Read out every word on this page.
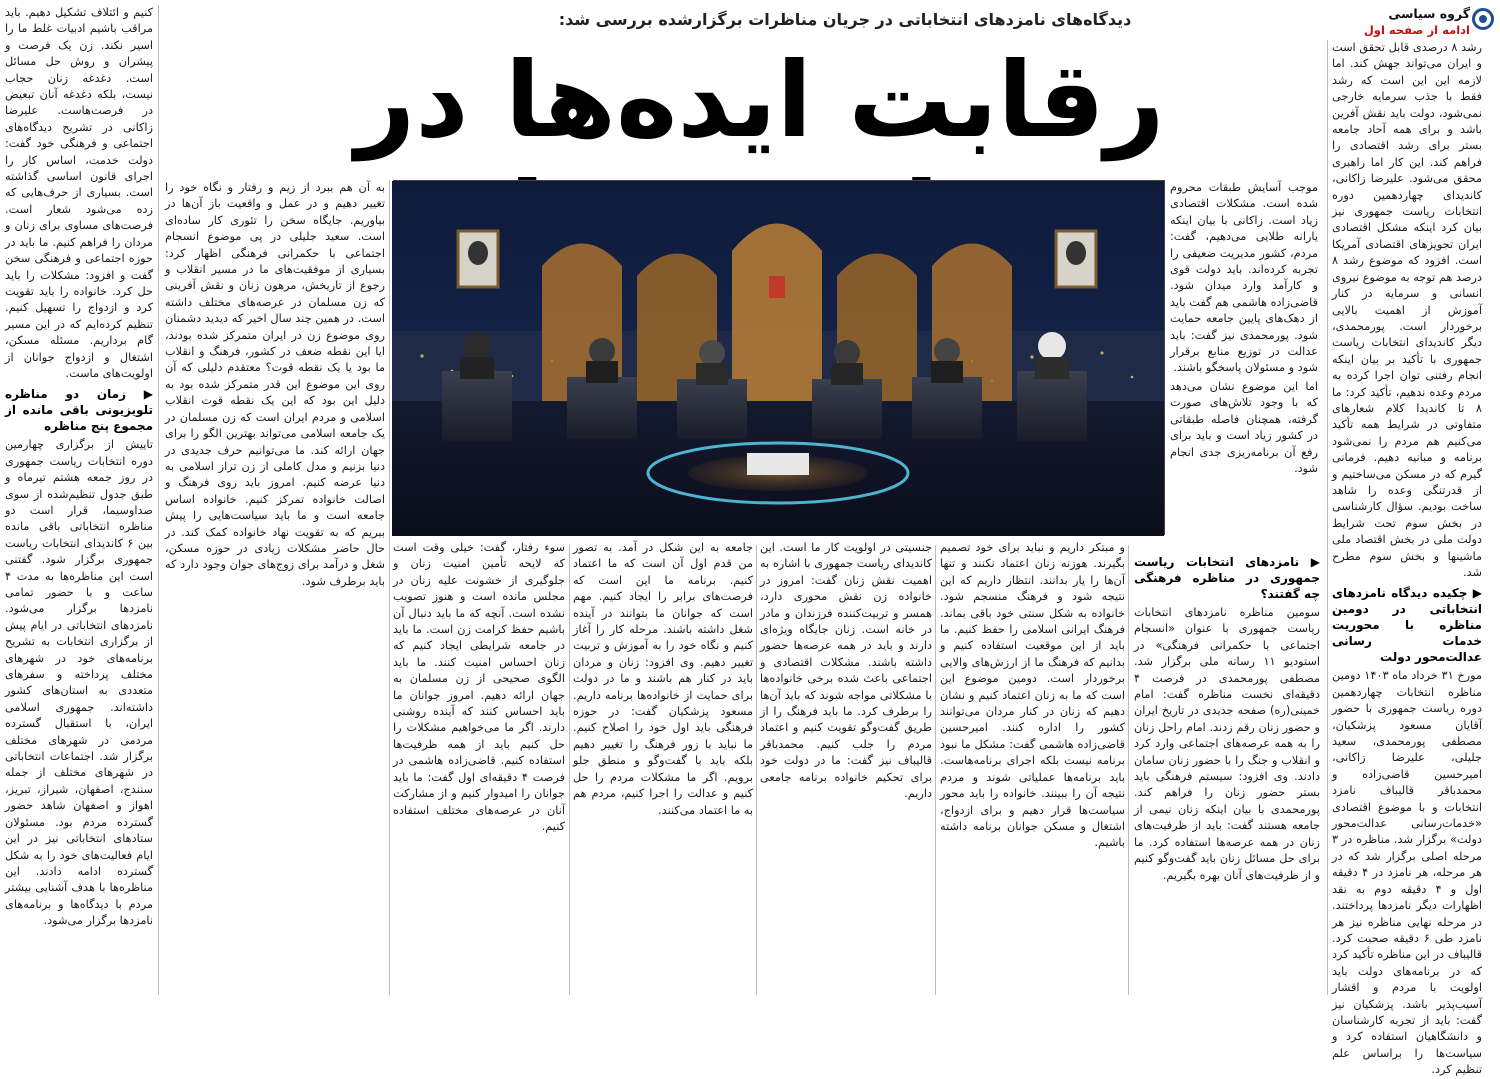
گروه سیاسی
ادامه از صفحه اول
دیدگاه‌های نامزدهای انتخاباتی در جریان مناظرات برگزارشده بررسی شد:
رقابت ایده‌ها در	رشد ۸ درصدی قابل تحقق است و ایران می‌تواند جهش کند. اما لازمه این این است که رشد فقط با جذب سرمایه خارجی نمی‌شود، دولت باید نقش آفرین باشد و برای همه آحاد جامعه بستر برای رشد اقتصادی را فراهم کند. این کار اما راهبری محقق می‌شود. علیرضا زاکانی، کاندیدای چهاردهمین دوره انتخابات ریاست جمهوری نیز بیان کرد اینکه مشکل اقتصادی ایران تجویزهای اقتصادی آمریکا است. افزود که موضوع رشد ۸ درصد هم توجه به موضوع نیروی انسانی و سرمایه در کنار آموزش از اهمیت بالایی برخوردار است. پورمحمدی، دیگر کاندیدای انتخابات ریاست جمهوری با تأکید بر بیان اینکه انجام رفتنی توان اجرا کرده به مردم وعده ندهیم، تأکید کرد: ما ۸ تا کاندیدا کلام شعارهای متفاوتی در شرایط همه تأکید می‌کنیم هم مردم را نمی‌شود برنامه و مبانیه دهیم. فرمانی گیرم که در مسکن می‌ساختیم و از قدرتنگی وعده را شاهد ساخت بودیم. سؤال کارشناسی در بخش سوم تحت شرایط دولت ملی در بخش اقتصاد ملی ماشینها و بخش سوم مطرح شد.

▶ چکیده دیدگاه نامزدهای انتخاباتی در دومین مناظره با محوریت خدمات رسانی عدالت‌محور دولت

مورخ ۳۱ خرداد ماه ۱۴۰۳ دومین مناظره انتخابات چهاردهمین دوره ریاست جمهوری با حضور آقایان مسعود پزشکیان، مصطفی پورمحمدی، سعید جلیلی، علیرضا زاکانی، امیرحسین قاضی‌زاده و محمدباقر قالیباف نامزد انتخابات و با موضوع اقتصادی «خدمات‌رسانی عدالت‌محور دولت» برگزار شد. مناظره در ۳ مرحله اصلی برگزار شد که در هر مرحله، هر نامزد در ۴ دقیقه اول و ۴ دقیقه دوم به نقد اظهارات دیگر نامزدها پرداختند. در مرحله نهایی مناظره نیز هر نامزد طی ۶ دقیقه صحبت کرد. قالیباف در این مناظره تأکید کرد که در برنامه‌های دولت باید اولویت با مردم و اقشار آسیب‌پذیر باشد. پزشکیان نیز گفت: باید از تجربه کارشناسان و دانشگاهیان استفاده کرد و سیاست‌ها را براساس علم تنظیم کرد.

موجب آسایش طبقات محروم شده است. مشکلات اقتصادی زیاد است. زاکانی با بیان اینکه یارانه طلایی می‌دهیم، گفت: مردم، کشور مدیریت ضعیفی را تجربه کرده‌اند. باید دولت قوی و کارآمد وارد میدان شود. قاضی‌زاده هاشمی هم گفت باید از دهک‌های پایین جامعه حمایت شود. پورمحمدی نیز گفت: باید عدالت در توزیع منابع برقرار شود و مسئولان پاسخگو باشند.

اما این موضوع نشان می‌دهد که با وجود تلاش‌های صورت گرفته، همچنان فاصله طبقاتی در کشور زیاد است و باید برای رفع آن برنامه‌ریزی جدی انجام شود.

کنیم و ائتلاف تشکیل دهیم. باید مراقب باشیم ادبیات غلط ما را اسیر نکند. زن یک فرصت و پیشران و روش حل مسائل است. دغدغه زنان حجاب نیست، بلکه دغدغه آنان تبعیض در فرصت‌هاست. علیرضا زاکانی در تشریح دیدگاه‌های اجتماعی و فرهنگی خود گفت: دولت خدمت، اساس کار را اجرای قانون اساسی گذاشته است. بسیاری از حرف‌هایی که زده می‌شود شعار است. فرصت‌های مساوی برای زنان و مردان را فراهم کنیم. ما باید در حوزه اجتماعی و فرهنگی سخن گفت و افزود: مشکلات را باید حل کرد. خانواده را باید تقویت کرد و ازدواج را تسهیل کنیم. تنظیم کرده‌ایم که در این مسیر گام برداریم. مسئله مسکن، اشتغال و ازدواج جوانان از اولویت‌های ماست.

▶ زمان دو مناظره تلویزیونی باقی مانده از مجموع پنج مناظره

تاییش از برگزاری چهارمین دوره انتخابات ریاست جمهوری در روز جمعه هشتم تیرماه و طبق جدول تنظیم‌شده از سوی صداوسیما، قرار است دو مناظره انتخاباتی باقی مانده بین ۶ کاندیدای انتخابات ریاست جمهوری برگزار شود. گفتنی است این مناظره‌ها به مدت ۴ ساعت و با حضور تمامی نامزدها برگزار می‌شود. نامزدهای انتخاباتی در ایام پیش از برگزاری انتخابات به تشریح برنامه‌های خود در شهرهای مختلف پرداخته و سفرهای متعددی به استان‌های کشور داشته‌اند. جمهوری اسلامی ایران، با استقبال گسترده مردمی در شهرهای مختلف برگزار شد. اجتماعات انتخاباتی در شهرهای مختلف از جمله سنندج، اصفهان، شیراز، تبریز، اهواز و اصفهان شاهد حضور گسترده مردم بود. مسئولان ستادهای انتخاباتی نیز در این ایام فعالیت‌های خود را به شکل گسترده ادامه دادند. این مناظره‌ها با هدف آشنایی بیشتر مردم با دیدگاه‌ها و برنامه‌های نامزدها برگزار می‌شود.

به آن هم ببرد از زیم و رفتار و نگاه خود را تغییر دهیم و در عمل و واقعیت باز آن‌ها در بیاوریم. جایگاه سخن را تئوری کار ساده‌ای است. سعید جلیلی در پی موضوع انسجام اجتماعی با حکمرانی فرهنگی اظهار کرد: بسیاری از موفقیت‌های ما در مسیر انقلاب و رجوع از تاریخش، مرهون زنان و نقش آفرینی که زن مسلمان در عرصه‌های مختلف داشته است. در همین چند سال اخیر که دیدید دشمنان روی موضوع زن در ایران متمرکز شده بودند، ایا این نقطه ضعف در کشور، فرهنگ و انقلاب ما بود یا یک نقطه قوت؟ معتقدم دلیلی که آن روی این موضوع این قدر متمرکز شده بود به دلیل این بود که این یک نقطه قوت انقلاب اسلامی و مردم ایران است که زن مسلمان در یک جامعه اسلامی می‌تواند بهترین الگو را برای جهان ارائه کند. ما می‌توانیم حرف جدیدی در دنیا بزنیم و مدل کاملی از زن تراز اسلامی به دنیا عرضه کنیم. امروز باید روی فرهنگ و اصالت خانواده تمرکز کنیم. خانواده اساس جامعه است و ما باید سیاست‌هایی را پیش ببریم که به تقویت نهاد خانواده کمک کند. در حال حاضر مشکلات زیادی در حوزه مسکن، شغل و درآمد برای زوج‌های جوان وجود دارد که باید برطرف شود.

▶ نامزدهای انتخابات ریاست جمهوری در مناظره فرهنگی چه گفتند؟

سومین مناظره نامزدهای انتخابات ریاست جمهوری با عنوان «انسجام اجتماعی با حکمرانی فرهنگی» در استودیو ۱۱ رسانه ملی برگزار شد. مصطفی پورمحمدی در فرصت ۴ دقیقه‌ای نخست مناظره گفت: امام خمینی(ره) صفحه جدیدی در تاریخ ایران و حضور زنان رقم زدند. امام راحل زنان را به همه عرصه‌های اجتماعی وارد کرد و انقلاب و جنگ را با حضور زنان سامان دادند. وی افزود: سیستم فرهنگی باید بستر حضور زنان را فراهم کند. پورمحمدی با بیان اینکه زنان نیمی از جامعه هستند گفت: باید از ظرفیت‌های زنان در همه عرصه‌ها استفاده کرد. ما برای حل مسائل زنان باید گفت‌وگو کنیم و از ظرفیت‌های آنان بهره بگیریم.

و مبتکر داریم و نباید برای خود تصمیم بگیرند. هوزنه زنان اعتماد نکنند و تنها آن‌ها را یار بدانند. انتظار داریم که این نتیجه شود و فرهنگ منسجم شود. خانواده به شکل سنتی خود باقی بماند. فرهنگ ایرانی اسلامی را حفظ کنیم. ما باید از این موقعیت استفاده کنیم و بدانیم که فرهنگ ما از ارزش‌های والایی برخوردار است. دومین موضوع این است که ما به زنان اعتماد کنیم و نشان دهیم که زنان در کنار مردان می‌توانند کشور را اداره کنند. امیرحسین قاضی‌زاده هاشمی گفت: مشکل ما نبود برنامه نیست بلکه اجرای برنامه‌هاست. باید برنامه‌ها عملیاتی شوند و مردم نتیجه آن را ببینند. خانواده را باید محور سیاست‌ها قرار دهیم و برای ازدواج، اشتغال و مسکن جوانان برنامه داشته باشیم.

جنسیتی در اولویت کار ما است. این کاندیدای ریاست جمهوری با اشاره به اهمیت نقش زنان گفت: امروز در خانواده زن نقش محوری دارد، همسر و تربیت‌کننده فرزندان و مادر در خانه است. زنان جایگاه ویژه‌ای دارند و باید در همه عرصه‌ها حضور داشته باشند. مشکلات اقتصادی و اجتماعی باعث شده برخی خانواده‌ها با مشکلاتی مواجه شوند که باید آن‌ها را برطرف کرد. ما باید فرهنگ را از طریق گفت‌وگو تقویت کنیم و اعتماد مردم را جلب کنیم. محمدباقر قالیباف نیز گفت: ما در دولت خود برای تحکیم خانواده برنامه جامعی داریم.

جامعه به این شکل در آمد. به تصور من قدم اول آن است که ما اعتماد کنیم. برنامه ما این است که فرصت‌های برابر را ایجاد کنیم. مهم است که جوانان ما بتوانند در آینده شغل داشته باشند. مرحله کار را آغاز کنیم و نگاه خود را به آموزش و تربیت تغییر دهیم. وی افزود: زنان و مردان باید در کنار هم باشند و ما در دولت برای حمایت از خانواده‌ها برنامه داریم. مسعود پزشکیان گفت: در حوزه فرهنگی باید اول خود را اصلاح کنیم. ما نباید با زور فرهنگ را تغییر دهیم بلکه باید با گفت‌وگو و منطق جلو برویم. اگر ما مشکلات مردم را حل کنیم و عدالت را اجرا کنیم، مردم هم به ما اعتماد می‌کنند.

سوء رفتار، گفت: خیلی وقت است که لایحه تأمین امنیت زنان و جلوگیری از خشونت علیه زنان در مجلس مانده است و هنوز تصویب نشده است. آنچه که ما باید دنبال آن باشیم حفظ کرامت زن است. ما باید در جامعه شرایطی ایجاد کنیم که زنان احساس امنیت کنند. ما باید الگوی صحیحی از زن مسلمان به جهان ارائه دهیم. امروز جوانان ما باید احساس کنند که آینده روشنی دارند. اگر ما می‌خواهیم مشکلات را حل کنیم باید از همه ظرفیت‌ها استفاده کنیم. قاضی‌زاده هاشمی در فرصت ۴ دقیقه‌ای اول گفت: ما باید جوانان را امیدوار کنیم و از مشارکت آنان در عرصه‌های مختلف استفاده کنیم.
